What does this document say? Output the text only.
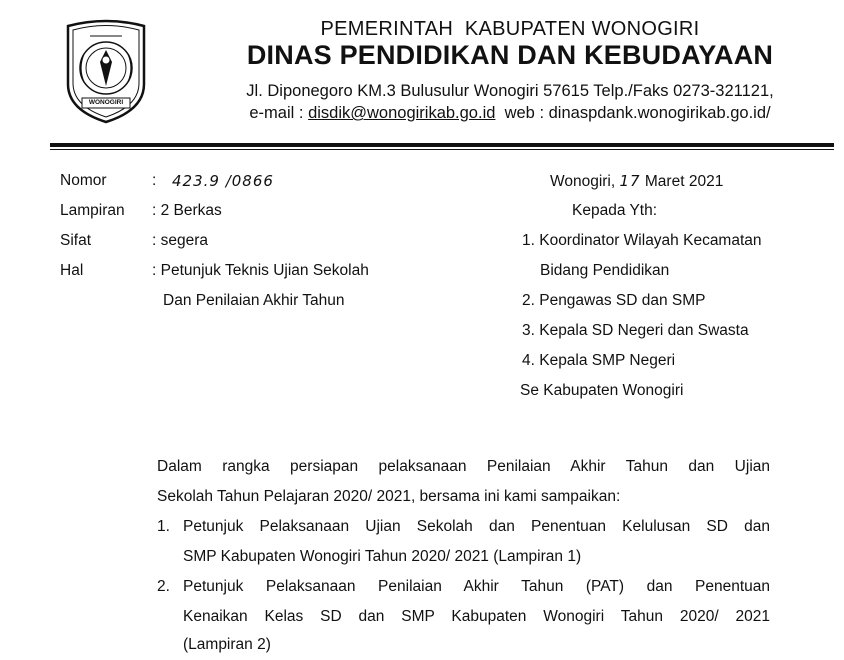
WONOGIRI
PEMERINTAH  KABUPATEN WONOGIRI
DINAS PENDIDIKAN DAN KEBUDAYAAN
Jl. Diponegoro KM.3 Bulusulur Wonogiri 57615 Telp./Faks 0273-321121,
e-mail : disdik@wonogirikab.go.id  web : dinaspdank.wonogirikab.go.id/
Nomor	: 423.9 /0866
Lampiran : 2 Berkas
Sifat	: segera
Hal	: Petunjuk Teknis Ujian Sekolah
Dan Penilaian Akhir Tahun
Wonogiri, 17 Maret 2021
Kepada Yth:
1. Koordinator Wilayah Kecamatan
Bidang Pendidikan
2. Pengawas SD dan SMP
3. Kepala SD Negeri dan Swasta
4. Kepala SMP Negeri
Se Kabupaten Wonogiri
Dalam rangka persiapan pelaksanaan Penilaian Akhir Tahun dan Ujian
Sekolah Tahun Pelajaran 2020/ 2021, bersama ini kami sampaikan:
1. Petunjuk Pelaksanaan Ujian Sekolah dan Penentuan Kelulusan SD dan
SMP Kabupaten Wonogiri Tahun 2020/ 2021 (Lampiran 1)
2. Petunjuk Pelaksanaan Penilaian Akhir Tahun (PAT) dan Penentuan
Kenaikan Kelas SD dan SMP Kabupaten Wonogiri Tahun 2020/ 2021
(Lampiran 2)
